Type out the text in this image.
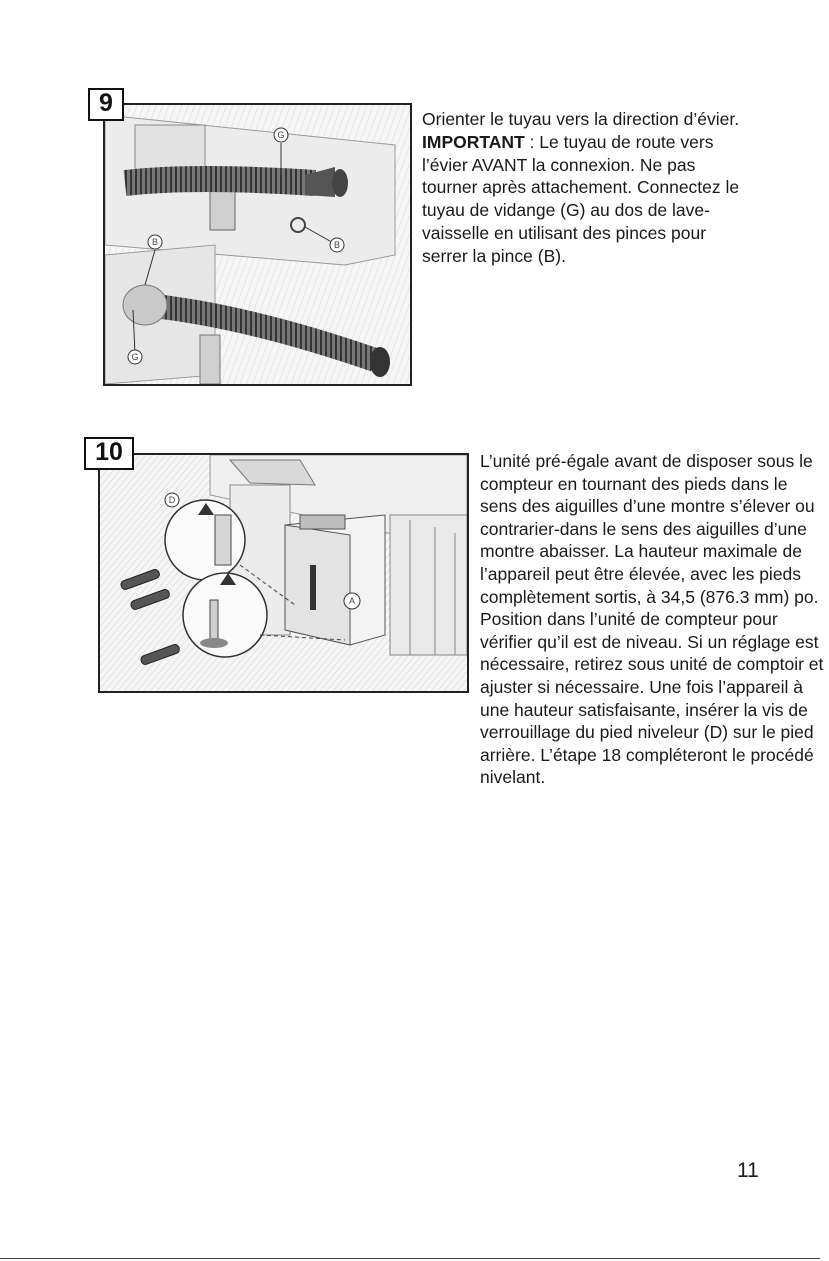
9
G
B
B
G
Orienter le tuyau vers la direction d’évier. IMPORTANT : Le tuyau de route vers l’évier AVANT la connexion. Ne pas tourner après attachement. Connectez le tuyau de vidange (G) au dos de lave-vaisselle en utilisant des pinces pour serrer la pince (B).
10
D
A
L’unité pré-égale avant de disposer sous le compteur en tournant des pieds dans le sens des aiguilles d’une montre s’élever ou contrarier-dans le sens des aiguilles d’une montre abaisser. La hauteur maximale de l’appareil peut être élevée, avec les pieds complètement sortis, à 34,5 (876.3 mm) po. Position dans l’unité de compteur pour vérifier qu’il est de niveau. Si un réglage est nécessaire, retirez sous unité de comptoir et ajuster si nécessaire. Une fois l’appareil à une hauteur satisfaisante, insérer la vis de verrouillage du pied niveleur (D) sur le pied arrière. L’étape 18 compléteront le procédé nivelant.
11
